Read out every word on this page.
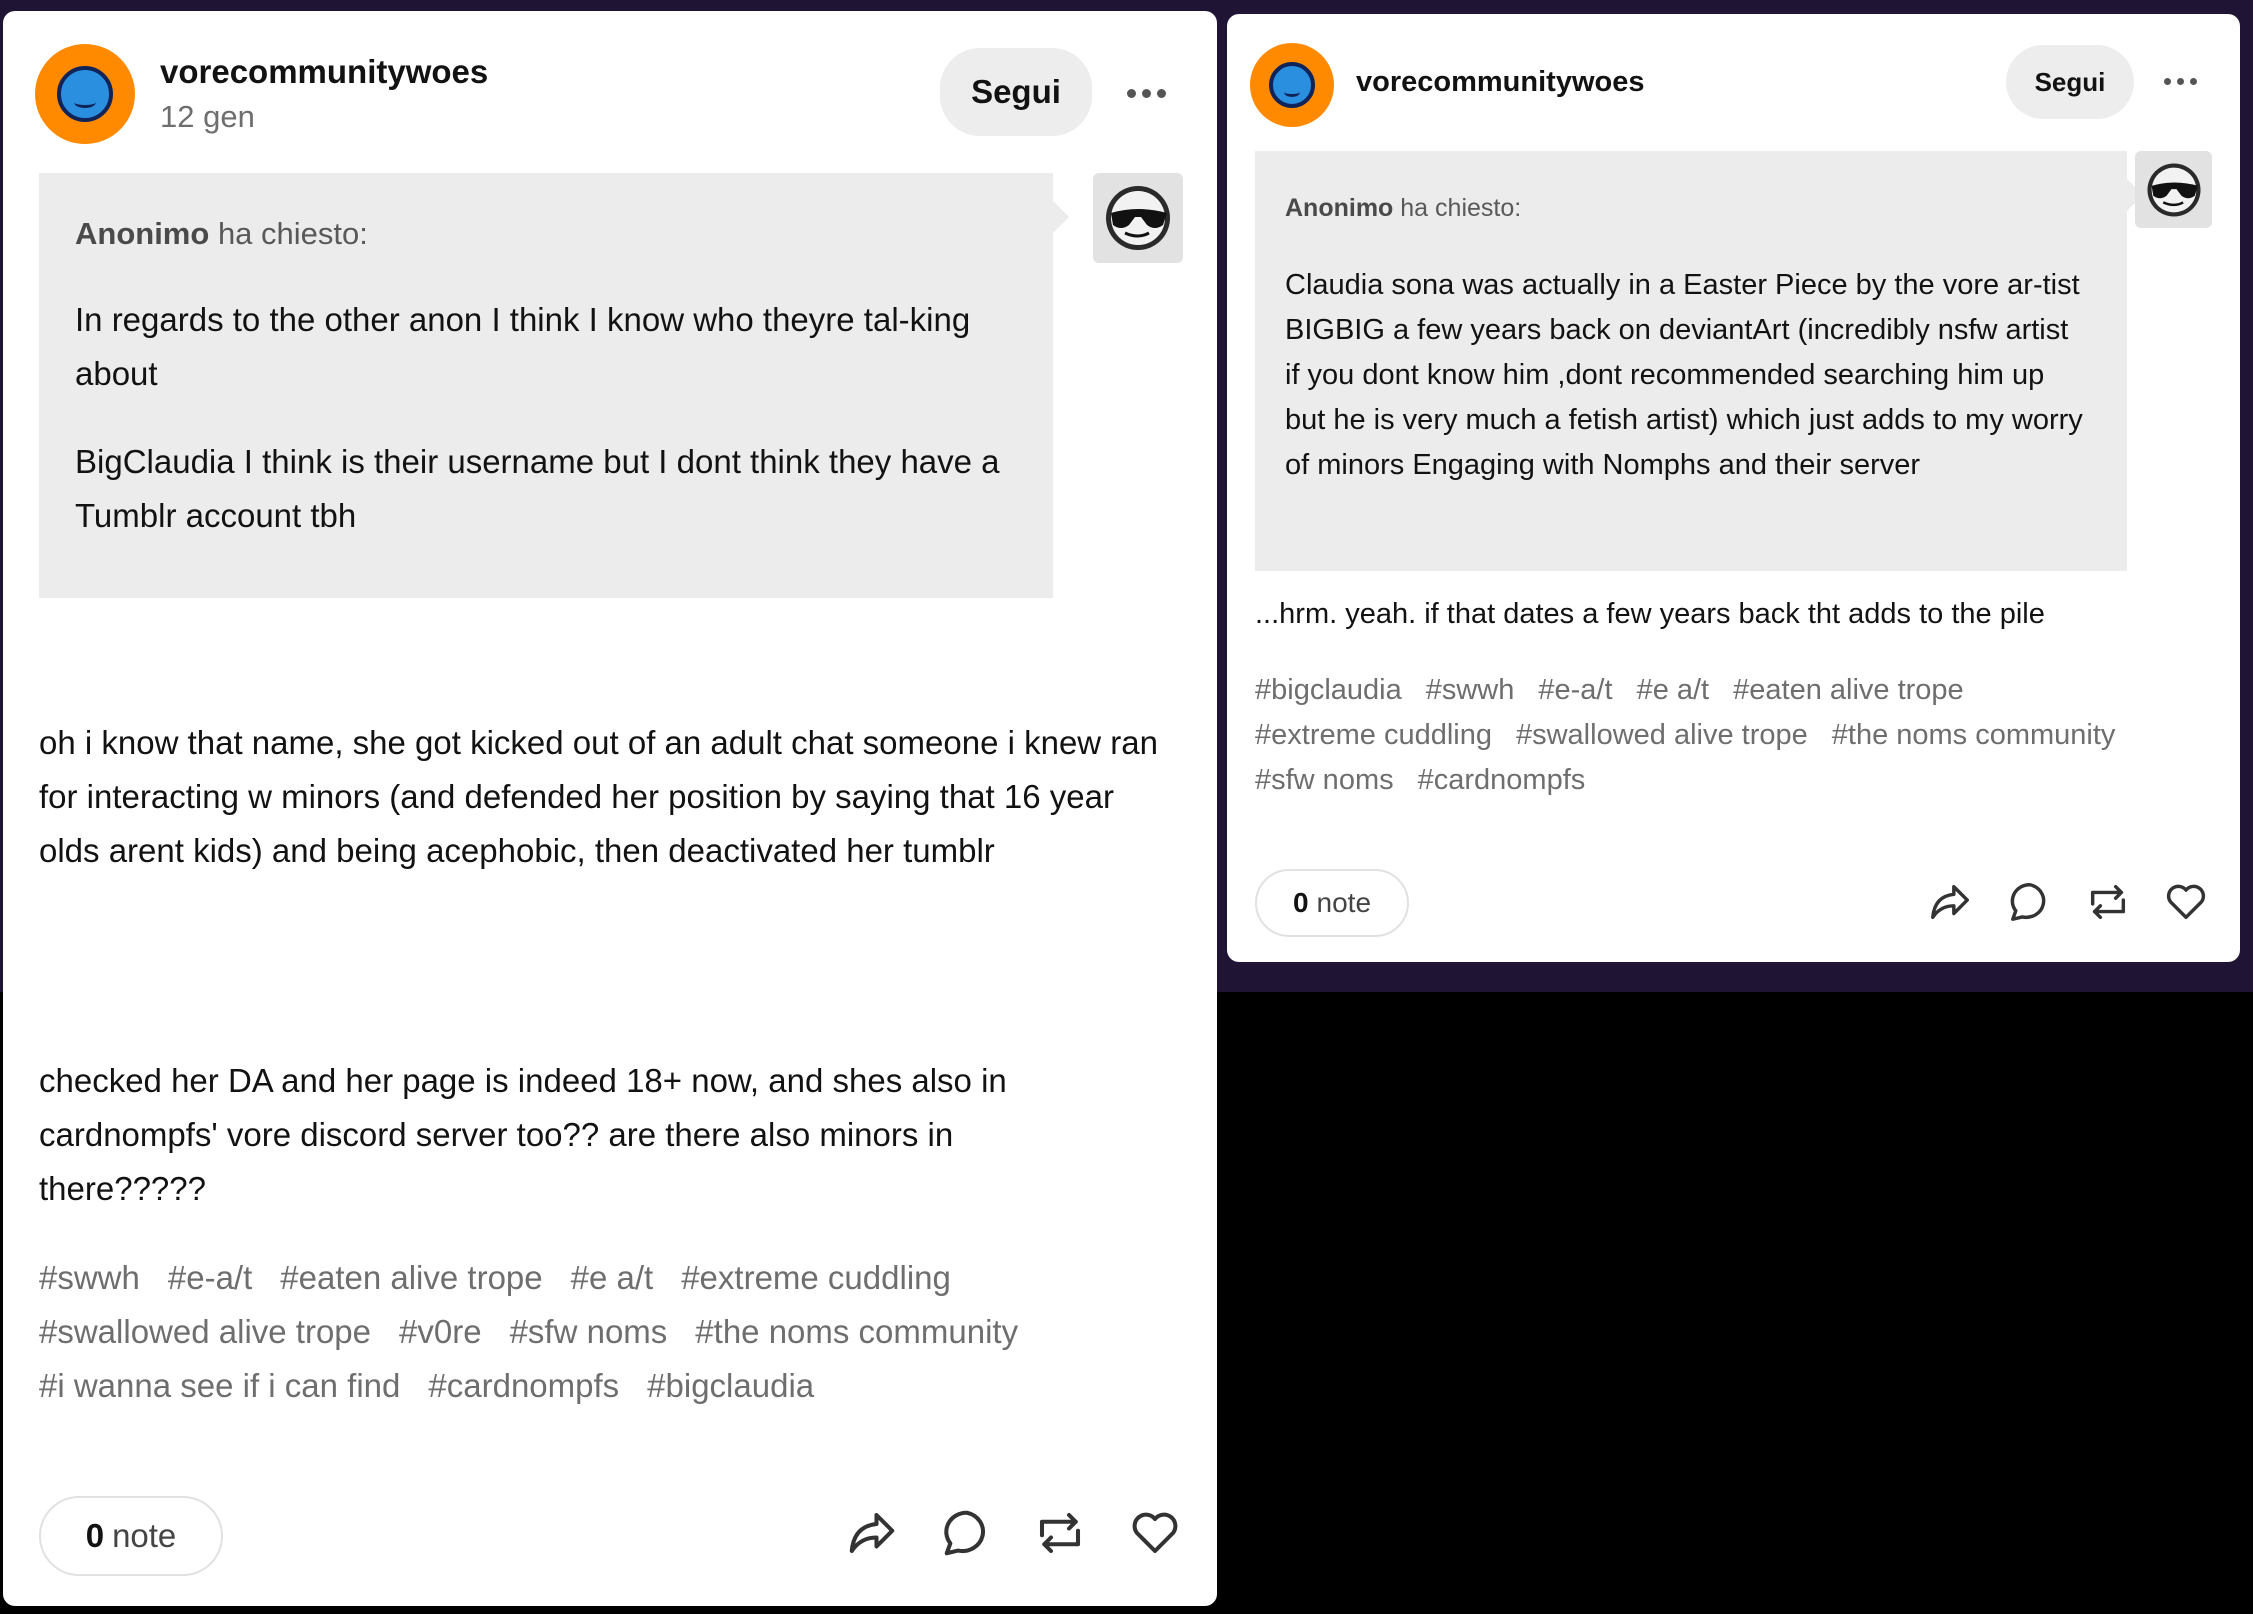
vorecommunitywoes
12 gen
Segui
Anonimo ha chiesto:
In regards to the other anon I think I know who theyre tal-king about
BigClaudia I think is their username but I dont think they have a Tumblr account tbh
oh i know that name, she got kicked out of an adult chat someone i knew ran for interacting w minors (and defended her position by saying that 16 year olds arent kids) and being acephobic, then deactivated her tumblr
checked her DA and her page is indeed 18+ now, and shes also in cardnompfs' vore discord server too?? are there also minors in there?????
#swwh #e-a/t #eaten alive trope #e a/t #extreme cuddling
#swallowed alive trope #v0re #sfw noms #the noms community
#i wanna see if i can find #cardnompfs #bigclaudia
0 note
vorecommunitywoes	Segui
Anonimo ha chiesto:
Claudia sona was actually in a Easter Piece by the vore ar-tist BIGBIG a few years back on deviantArt (incredibly nsfw artist if you dont know him ,dont recommended searching him up but he is very much a fetish artist) which just adds to my worry of minors Engaging with Nomphs and their server
...hrm. yeah. if that dates a few years back tht adds to the pile
#bigclaudia #swwh #e-a/t #e a/t #eaten alive trope
#extreme cuddling #swallowed alive trope #the noms community
#sfw noms #cardnompfs
0 note
